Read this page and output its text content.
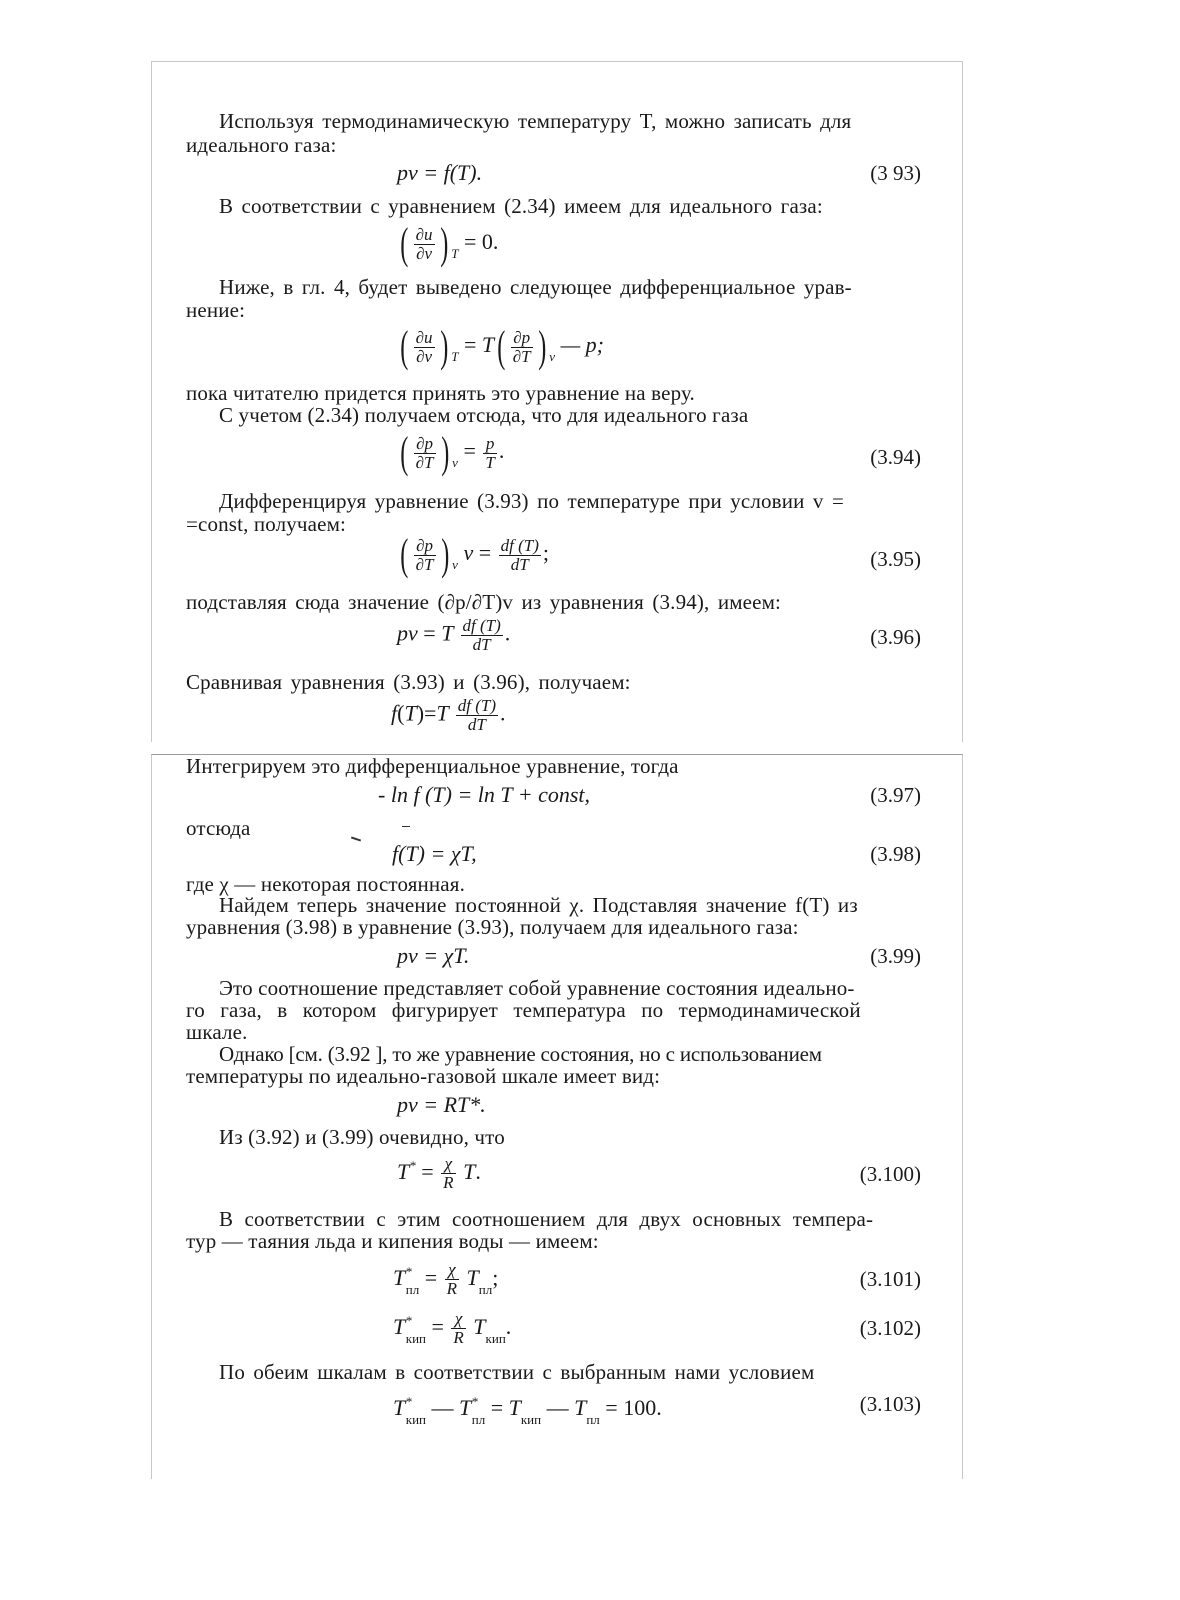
Используя термодинамическую температуру T, можно записать для
идеального газа:
pv = f(T).	(3 93)
В соответствии с уравнением (2.34) имеем для идеального газа:
( $\frac{\partial u}{\partial v}$ ) $_T$ = 0.
Ниже, в гл. 4, будет выведено следующее дифференциальное урав-
нение:
( $\frac{\partial u}{\partial v}$ ) $_T = T( \frac{\partial p}{\partial T}$ ) $_v$ — p;
пока читателю придется принять это уравнение на веру.
С учетом (2.34) получаем отсюда, что для идеального газа
( $\frac{\partial p}{\partial T}$ ) $_v = \frac{p}{T}$ .	(3.94)
Дифференцируя уравнение (3.93) по температуре при условии v =
=const, получаем:
( $\frac{\partial p}{\partial T}$ ) $_v$ $v = \frac{df (T)}{dT}$ ;	(3.95)
подставляя сюда значение (∂p/∂T)v из уравнения (3.94), имеем:
pv = T $\frac{df (T)}{dT}$ .	(3.96)
Сравнивая уравнения (3.93) и (3.96), получаем:
$f(T)=T \frac{df (T)}{dT}$ .
Интегрируем это дифференциальное уравнение, тогда
- ln f (T) = ln T + const,	(3.97)
отсюда
f(T) = χT,	(3.98)
где χ — некоторая постоянная.
Найдем теперь значение постоянной χ. Подставляя значение f(T) из
уравнения (3.98) в уравнение (3.93), получаем для идеального газа:
pv = χT.	(3.99)
Это соотношение представляет собой уравнение состояния идеально-
го газа, в котором фигурирует температура по термодинамической
шкале.
Однако [см. (3.92 ], то же уравнение состояния, но с использованием
температуры по идеально-газовой шкале имеет вид:
pv = RT*.
Из (3.92) и (3.99) очевидно, что
$T^* = \frac{\chi}{R} T$.	(3.100)
В соответствии с этим соотношением для двух основных темпера-
тур — таяния льда и кипения воды — имеем:
$T^*_{пл} = \frac{\chi}{R} T_{пл}$;	(3.101)
$T^*_{кип} = \frac{\chi}{R} T_{кип}$.	(3.102)
По обеим шкалам в соответствии с выбранным нами условием
$T^*_{кип}$ — $T^*_{пл} = T_{кип}$ — $T_{пл} = 100$.	(3.103)
